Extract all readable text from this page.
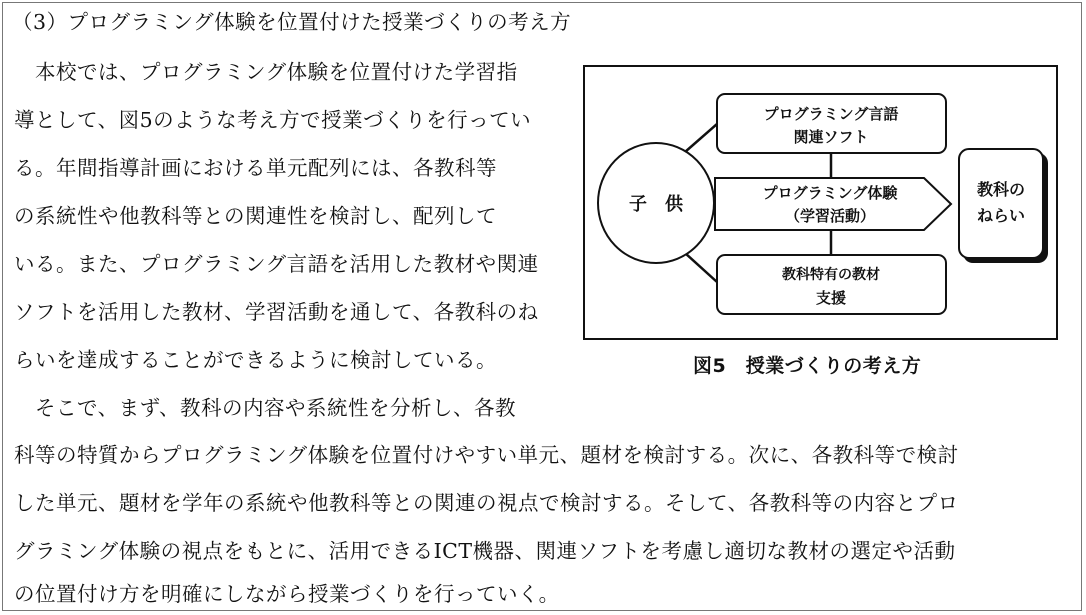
（3）プログラミング体験を位置付けた授業づくりの考え方
　本校では、プログラミング体験を位置付けた学習指
導として、図5のような考え方で授業づくりを行ってい
る。年間指導計画における単元配列には、各教科等
の系統性や他教科等との関連性を検討し、配列して
いる。また、プログラミング言語を活用した教材や関連
ソフトを活用した教材、学習活動を通して、各教科のね
らいを達成することができるように検討している。
　そこで、まず、教科の内容や系統性を分析し、各教
科等の特質からプログラミング体験を位置付けやすい単元、題材を検討する。次に、各教科等で検討
した単元、題材を学年の系統や他教科等との関連の視点で検討する。そして、各教科等の内容とプロ
グラミング体験の視点をもとに、活用できるICT機器、関連ソフトを考慮し適切な教材の選定や活動
の位置付け方を明確にしながら授業づくりを行っていく。
子　供
プログラミング言語
関連ソフト
プログラミング体験
（学習活動）
教科特有の教材
支援
教科の
ねらい
図5　授業づくりの考え方
